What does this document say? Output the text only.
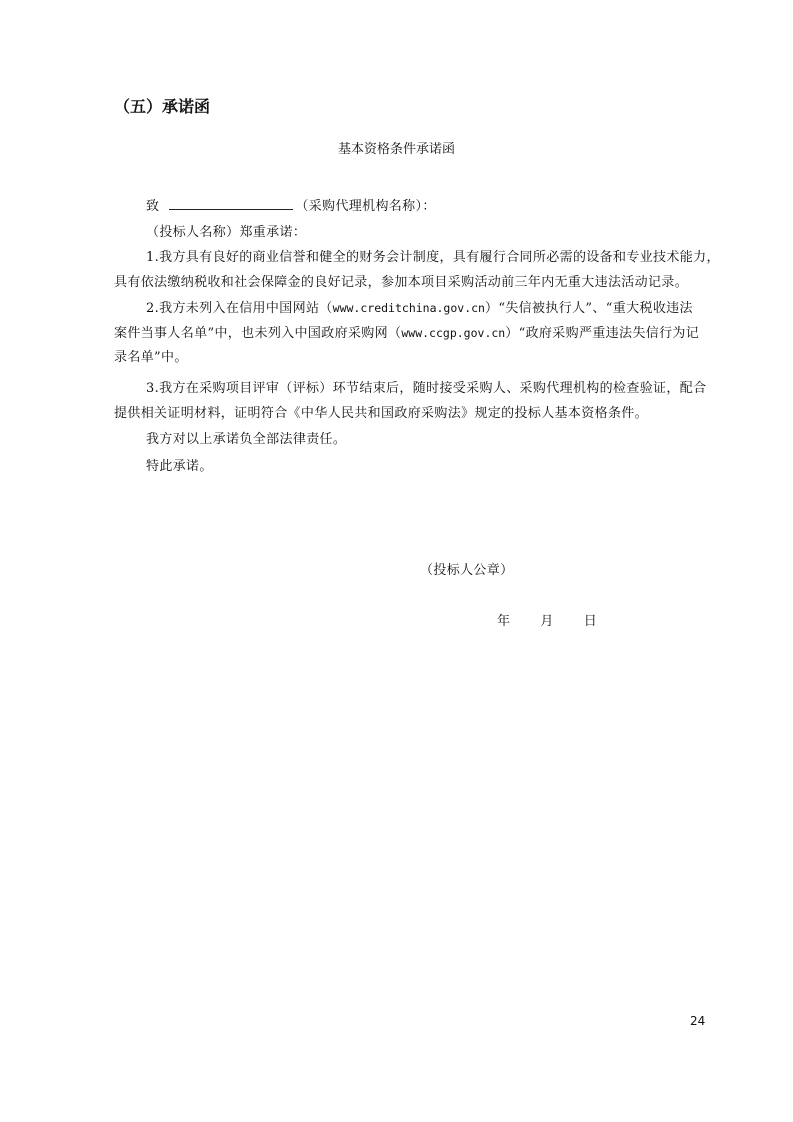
（五）承诺函
基本资格条件承诺函
致	（采购代理机构名称）：
（投标人名称）郑重承诺：
1.我方具有良好的商业信誉和健全的财务会计制度，具有履行合同所必需的设备和专业技术能力，
具有依法缴纳税收和社会保障金的良好记录，参加本项目采购活动前三年内无重大违法活动记录。
2.我方未列入在信用中国网站（www.creditchina.gov.cn）“失信被执行人”、“重大税收违法
案件当事人名单”中，也未列入中国政府采购网（www.ccgp.gov.cn）“政府采购严重违法失信行为记
录名单”中。
3.我方在采购项目评审（评标）环节结束后，随时接受采购人、采购代理机构的检查验证，配合
提供相关证明材料，证明符合《中华人民共和国政府采购法》规定的投标人基本资格条件。
我方对以上承诺负全部法律责任。
特此承诺。
（投标人公章）
年 月 日
24
